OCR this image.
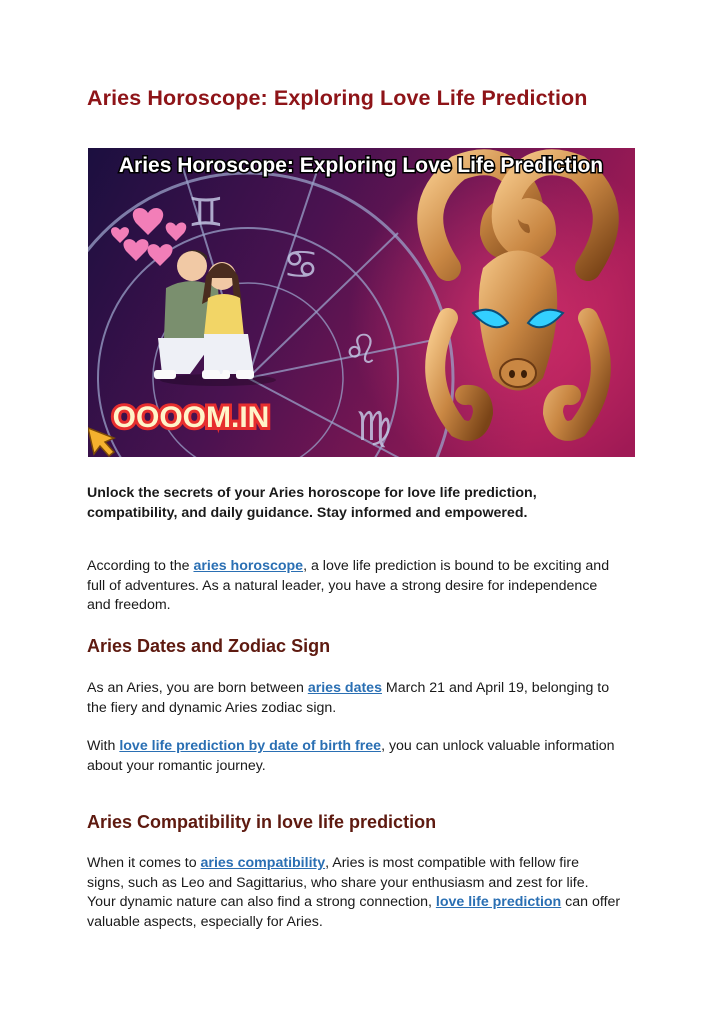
Aries Horoscope: Exploring Love Life Prediction
♊
♋
♌
♍
Aries Horoscope: Exploring Love Life Prediction
OOOOM.IN

Unlock the secrets of your Aries horoscope for love life prediction,
compatibility, and daily guidance. Stay informed and empowered.

According to the aries horoscope, a love life prediction is bound to be exciting and
full of adventures. As a natural leader, you have a strong desire for independence
and freedom.

Aries Dates and Zodiac Sign

As an Aries, you are born between aries dates March 21 and April 19, belonging to
the fiery and dynamic Aries zodiac sign.

With love life prediction by date of birth free, you can unlock valuable information
about your romantic journey.

Aries Compatibility in love life prediction

When it comes to aries compatibility, Aries is most compatible with fellow fire
signs, such as Leo and Sagittarius, who share your enthusiasm and zest for life.
Your dynamic nature can also find a strong connection, love life prediction can offer
valuable aspects, especially for Aries.
